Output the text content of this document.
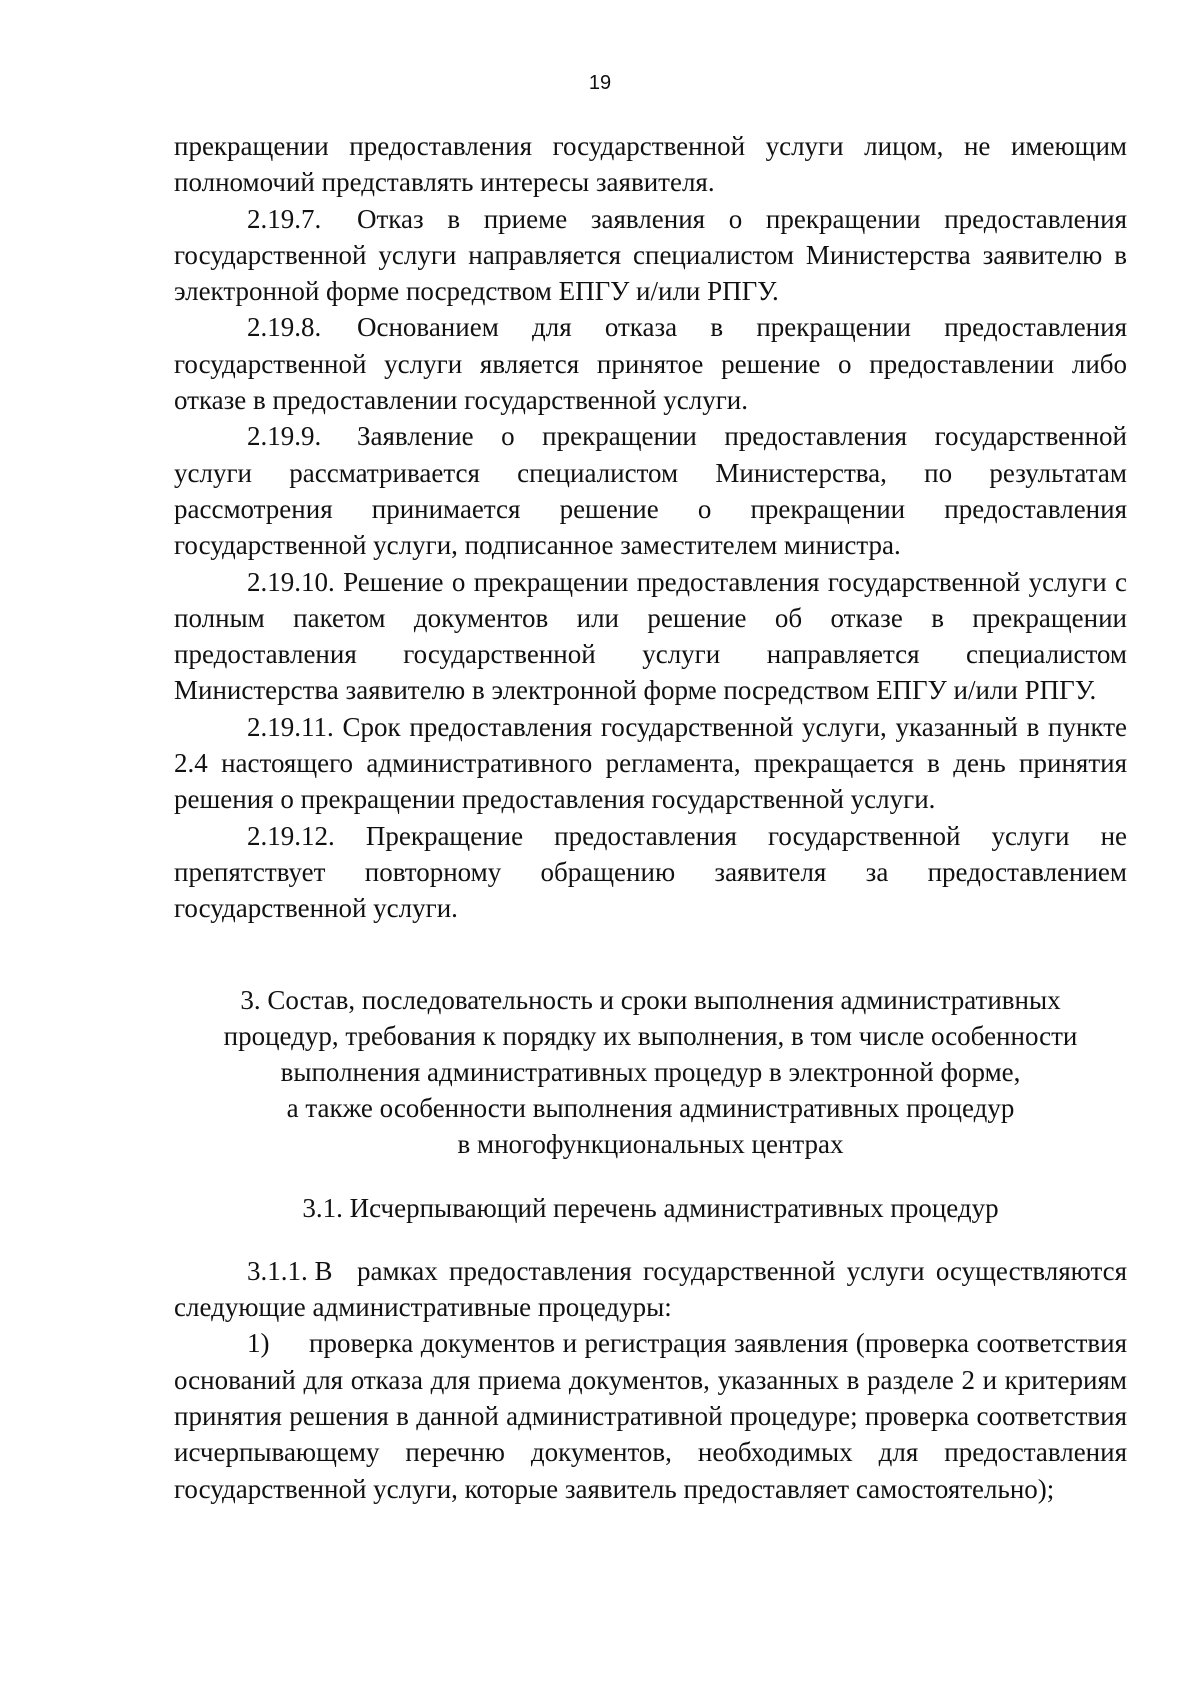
19

прекращении предоставления государственной услуги лицом, не имеющим полномочий представлять интересы заявителя.

2.19.7. Отказ в приеме заявления о прекращении предоставления государственной услуги направляется специалистом Министерства заявителю в электронной форме посредством ЕПГУ и/или РПГУ.

2.19.8. Основанием для отказа в прекращении предоставления государственной услуги является принятое решение о предоставлении либо отказе в предоставлении государственной услуги.

2.19.9. Заявление о прекращении предоставления государственной услуги рассматривается специалистом Министерства, по результатам рассмотрения принимается решение о прекращении предоставления государственной услуги, подписанное заместителем министра.

2.19.10. Решение о прекращении предоставления государственной услуги с полным пакетом документов или решение об отказе в прекращении предоставления государственной услуги направляется специалистом Министерства заявителю в электронной форме посредством ЕПГУ и/или РПГУ.

2.19.11. Срок предоставления государственной услуги, указанный в пункте 2.4 настоящего административного регламента, прекращается в день принятия решения о прекращении предоставления государственной услуги.

2.19.12. Прекращение предоставления государственной услуги не препятствует повторному обращению заявителя за предоставлением государственной услуги.

3. Состав, последовательность и сроки выполнения административных
процедур, требования к порядку их выполнения, в том числе особенности
выполнения административных процедур в электронной форме,
а также особенности выполнения административных процедур
в многофункциональных центрах
3.1. Исчерпывающий перечень административных процедур

3.1.1. В рамках предоставления государственной услуги осуществляются следующие административные процедуры:

1) проверка документов и регистрация заявления (проверка соответствия оснований для отказа для приема документов, указанных в разделе 2 и критериям принятия решения в данной административной процедуре; проверка соответствия исчерпывающему перечню документов, необходимых для предоставления государственной услуги, которые заявитель предоставляет самостоятельно);
